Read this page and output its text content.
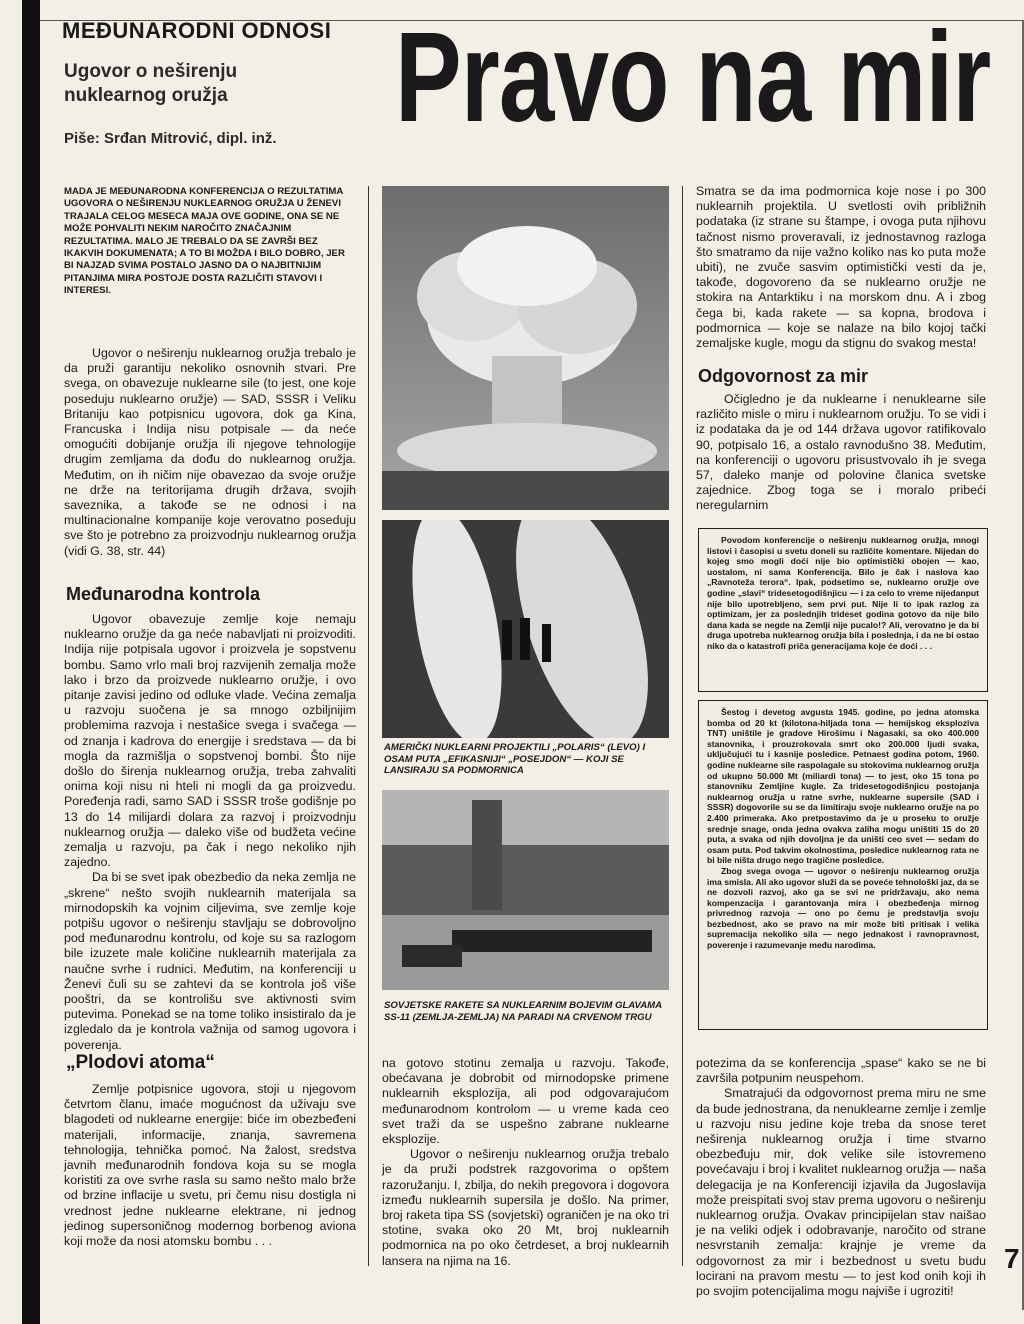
MEĐUNARODNI ODNOSI
Ugovor o neširenju nuklearnog oružja	Pravo na mir
Piše: Srđan Mitrović, dipl. inž.
MADA JE MEĐUNARODNA KONFERENCIJA O REZULTATIMA UGOVORA O NEŠIRENJU NUKLEARNOG ORUŽJA U ŽENEVI TRAJALA CELOG MESECA MAJA OVE GODINE, ONA SE NE MOŽE POHVALITI NEKIM NAROČITO ZNAČAJNIM REZULTATIMA. MALO JE TREBALO DA SE ZAVRŠI BEZ IKAKVIH DOKUMENATA; A TO BI MOŽDA I BILO DOBRO, JER BI NAJZAD SVIMA POSTALO JASNO DA O NAJBITNIJIM PITANJIMA MIRA POSTOJE DOSTA RAZLIČITI STAVOVI I INTERESI.

Ugovor o neširenju nuklearnog oružja trebalo je da pruži garantiju nekoliko osnovnih stvari. Pre svega, on obavezuje nuklearne sile (to jest, one koje poseduju nuklearno oružje) — SAD, SSSR i Veliku Britaniju kao potpisnicu ugovora, dok ga Kina, Francuska i Indija nisu potpisale — da neće omogućiti dobijanje oružja ili njegove tehnologije drugim zemljama da dođu do nuklearnog oružja. Međutim, on ih ničim nije obavezao da svoje oružje ne drže na teritorijama drugih država, svojih saveznika, a takođe se ne odnosi i na multinacionalne kompanije koje verovatno poseduju sve što je potrebno za proizvodnju nuklearnog oružja (vidi G. 38, str. 44)

Međunarodna kontrola

Ugovor obavezuje zemlje koje nemaju nuklearno oružje da ga neće nabavljati ni proizvoditi. Indija nije potpisala ugovor i proizvela je sopstvenu bombu. Samo vrlo mali broj razvijenih zemalja može lako i brzo da proizvede nuklearno oružje, i ovo pitanje zavisi jedino od odluke vlade. Većina zemalja u razvoju suočena je sa mnogo ozbiljnijim problemima razvoja i nestašice svega i svačega — od znanja i kadrova do energije i sredstava — da bi mogla da razmišlja o sopstvenoj bombi. Što nije došlo do širenja nuklearnog oružja, treba zahvaliti onima koji nisu ni hteli ni mogli da ga proizvedu. Poređenja radi, samo SAD i SSSR troše godišnje po 13 do 14 milijardi dolara za razvoj i proizvodnju nuklearnog oružja — daleko više od budžeta većine zemalja u razvoju, pa čak i nego nekoliko njih zajedno.

Da bi se svet ipak obezbedio da neka zemlja ne „skrene“ nešto svojih nuklearnih materijala sa mirnodopskih ka vojnim ciljevima, sve zemlje koje potpišu ugovor o neširenju stavljaju se dobrovoljno pod međunarodnu kontrolu, od koje su sa razlogom bile izuzete male količine nuklearnih materijala za naučne svrhe i rudnici. Međutim, na konferenciji u Ženevi čuli su se zahtevi da se kontrola još više pooštri, da se kontrolišu sve aktivnosti svim putevima. Ponekad se na tome toliko insistiralo da je izgledalo da je kontrola važnija od samog ugovora i poverenja.

„Plodovi atoma“

Zemlje potpisnice ugovora, stoji u njegovom četvrtom članu, imaće mogućnost da uživaju sve blagodeti od nuklearne energije: biće im obezbeđeni materijali, informacije, znanja, savremena tehnologija, tehnička pomoć. Na žalost, sredstva javnih međunarodnih fondova koja su se mogla koristiti za ove svrhe rasla su samo nešto malo brže od brzine inflacije u svetu, pri čemu nisu dostigla ni vrednost jedne nuklearne elektrane, ni jednog jedinog supersoničnog modernog borbenog aviona koji može da nosi atomsku bombu . . .

AMERIČKI NUKLEARNI PROJEKTILI „POLARIS“ (LEVO) I OSAM PUTA „EFIKASNIJI“ „POSEJDON“ — KOJI SE LANSIRAJU SA PODMORNICA
SOVJETSKE RAKETE SA NUKLEARNIM BOJEVIM GLAVAMA SS-11 (ZEMLJA-ZEMLJA) NA PARADI NA CRVENOM TRGU

na gotovo stotinu zemalja u razvoju. Takođe, obećavana je dobrobit od mirnodopske primene nuklearnih eksplozija, ali pod odgovarajućom međunarodnom kontrolom — u vreme kada ceo svet traži da se uspešno zabrane nuklearne eksplozije.

Ugovor o neširenju nuklearnog oružja trebalo je da pruži podstrek razgovorima o opštem razoružanju. I, zbilja, do nekih pregovora i dogovora između nuklearnih supersila je došlo. Na primer, broj raketa tipa SS (sovjetski) ograničen je na oko tri stotine, svaka oko 20 Mt, broj nuklearnih podmornica na po oko četrdeset, a broj nuklearnih lansera na njima na 16.

Smatra se da ima podmornica koje nose i po 300 nuklearnih projektila. U svetlosti ovih približnih podataka (iz strane su štampe, i ovoga puta njihovu tačnost nismo proveravali, iz jednostavnog razloga što smatramo da nije važno koliko nas ko puta može ubiti), ne zvuče sasvim optimistički vesti da je, takođe, dogovoreno da se nuklearno oružje ne stokira na Antarktiku i na morskom dnu. A i zbog čega bi, kada rakete — sa kopna, brodova i podmornica — koje se nalaze na bilo kojoj tački zemaljske kugle, mogu da stignu do svakog mesta!

Odgovornost za mir

Očigledno je da nuklearne i nenuklearne sile različito misle o miru i nuklearnom oružju. To se vidi i iz podataka da je od 144 država ugovor ratifikovalo 90, potpisalo 16, a ostalo ravnodušno 38. Međutim, na konferenciji o ugovoru prisustvovalo ih je svega 57, daleko manje od polovine članica svetske zajednice. Zbog toga se i moralo pribeći neregularnim

Povodom konferencije o neširenju nuklearnog oružja, mnogi listovi i časopisi u svetu doneli su različite komentare. Nijedan do kojeg smo mogli doći nije bio optimistički obojen — kao, uostalom, ni sama Konferencija. Bilo je čak i naslova kao „Ravnoteža terora“. Ipak, podsetimo se, nuklearno oružje ove godine „slavi“ tridesetogodišnjicu — i za celo to vreme nijedanput nije bilo upotrebljeno, sem prvi put. Nije li to ipak razlog za optimizam, jer za poslednjih trideset godina gotovo da nije bilo dana kada se negde na Zemlji nije pucalo!? Ali, verovatno je da bi druga upotreba nuklearnog oružja bila i poslednja, i da ne bi ostao niko da o katastrofi priča generacijama koje će doći . . .

Šestog i devetog avgusta 1945. godine, po jedna atomska bomba od 20 kt (kilotona-hiljada tona — hemijskog eksploziva TNT) uništile je gradove Hirošimu i Nagasaki, sa oko 400.000 stanovnika, i prouzrokovala smrt oko 200.000 ljudi svaka, uključujući tu i kasnije posledice. Petnaest godina potom, 1960. godine nuklearne sile raspolagale su stokovima nuklearnog oružja od ukupno 50.000 Mt (miliardi tona) — to jest, oko 15 tona po stanovniku Zemljine kugle. Za tridesetogodišnjicu postojanja nuklearnog oružja u ratne svrhe, nuklearne supersile (SAD i SSSR) dogovorile su se da limitiraju svoje nuklearno oružje na po 2.400 primeraka. Ako pretpostavimo da je u proseku to oružje srednje snage, onda jedna ovakva zaliha mogu uništiti 15 do 20 puta, a svaka od njih dovoljna je da uništi ceo svet — sedam do osam puta. Pod takvim okolnostima, posledice nuklearnog rata ne bi bile ništa drugo nego tragične posledice.

Zbog svega ovoga — ugovor o neširenju nuklearnog oružja ima smisla. Ali ako ugovor služi da se poveće tehnološki jaz, da se ne dozvoli razvoj, ako ga se svi ne pridržavaju, ako nema kompenzacija i garantovanja mira i obezbeđenja mirnog privrednog razvoja — ono po čemu je predstavlja svoju bezbednost, ako se pravo na mir može biti pritisak i velika supremacija nekoliko sila — nego jednakost i ravnopravnost, poverenje i razumevanje među narodima.

potezima da se konferencija „spase“ kako se ne bi završila potpunim neuspehom.

Smatrajući da odgovornost prema miru ne sme da bude jednostrana, da nenuklearne zemlje i zemlje u razvoju nisu jedine koje treba da snose teret neširenja nuklearnog oružja i time stvarno obezbeđuju mir, dok velike sile istovremeno povećavaju i broj i kvalitet nuklearnog oružja — naša delegacija je na Konferenciji izjavila da Jugoslavija može preispitati svoj stav prema ugovoru o neširenju nuklearnog oružja. Ovakav principijelan stav naišao je na veliki odjek i odobravanje, naročito od strane nesvrstanih zemalja: krajnje je vreme da odgovornost za mir i bezbednost u svetu budu locirani na pravom mestu — to jest kod onih koji ih po svojim potencijalima mogu najviše i ugroziti!

7
